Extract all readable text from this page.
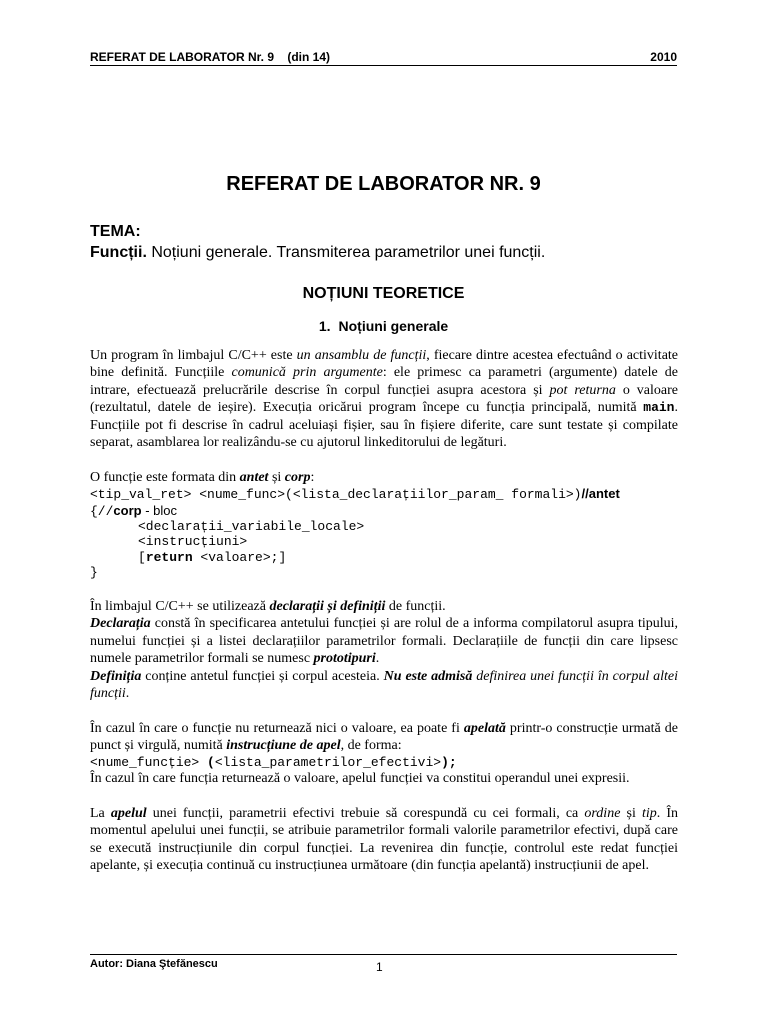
REFERAT DE LABORATOR Nr. 9    (din 14)	2010
REFERAT DE LABORATOR NR. 9
TEMA:
Funcții. Noțiuni generale. Transmiterea parametrilor unei funcții.
NOȚIUNI TEORETICE
1. Noțiuni generale

Un program în limbajul C/C++ este un ansamblu de funcții, fiecare dintre acestea efectuând o activitate bine definită. Funcțiile comunică prin argumente: ele primesc ca parametri (argumente) datele de intrare, efectuează prelucrările descrise în corpul funcției asupra acestora și pot returna o valoare (rezultatul, datele de ieșire). Execuția oricărui program începe cu funcția principală, numită main. Funcțiile pot fi descrise în cadrul aceluiași fișier, sau în fișiere diferite, care sunt testate și compilate separat, asamblarea lor realizându-se cu ajutorul linkeditorului de legături.

O funcție este formata din antet și corp:

<tip_val_ret> <nume_func>(<lista_declarațiilor_param_ formali>)//antet
{//corp - bloc
<declarații_variabile_locale>
<instrucțiuni>
[return <valoare>;]
}

În limbajul C/C++ se utilizează declarații și definiții de funcții.

Declarația constă în specificarea antetului funcției și are rolul de a informa compilatorul asupra tipului, numelui funcției și a listei declarațiilor parametrilor formali. Declarațiile de funcții din care lipsesc numele parametrilor formali se numesc prototipuri.

Definiția conține antetul funcției și corpul acesteia. Nu este admisă definirea unei funcții în corpul altei funcții.

În cazul în care o funcție nu returnează nici o valoare, ea poate fi apelată printr-o construcție urmată de punct și virgulă, numită instrucțiune de apel, de forma:

<nume_funcție> (<lista_parametrilor_efectivi>);

În cazul în care funcția returnează o valoare, apelul funcției va constitui operandul unei expresii.

La apelul unei funcții, parametrii efectivi trebuie să corespundă cu cei formali, ca ordine și tip. În momentul apelului unei funcții, se atribuie parametrilor formali valorile parametrilor efectivi, după care se execută instrucțiunile din corpul funcției. La revenirea din funcție, controlul este redat funcției apelante, și execuția continuă cu instrucțiunea următoare (din funcția apelantă) instrucțiunii de apel.

Autor: Diana Ştefănescu	1
